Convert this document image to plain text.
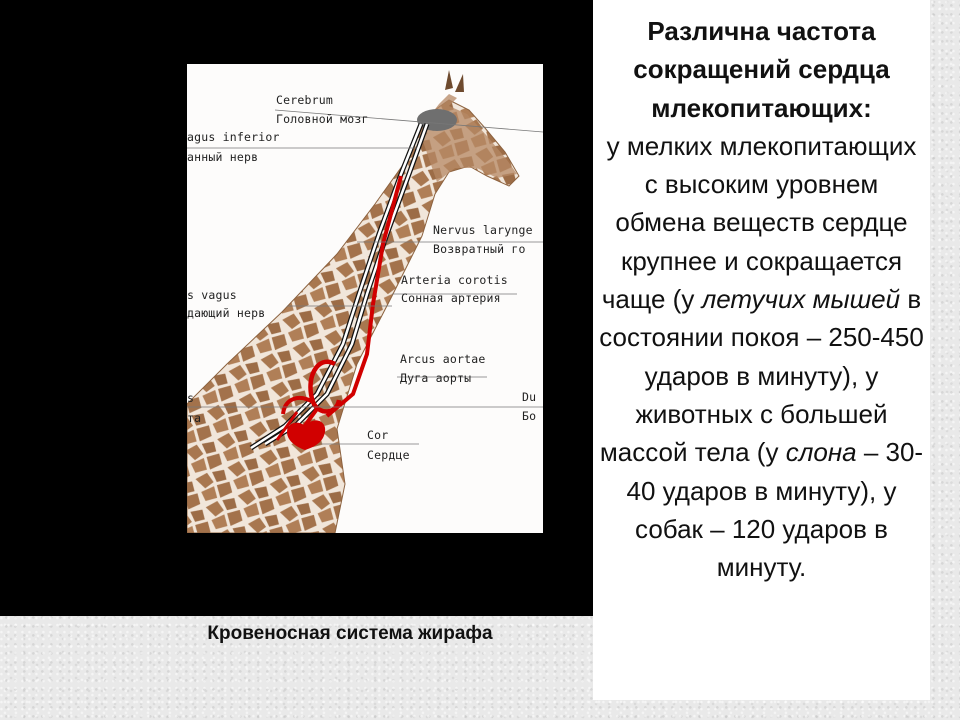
Cerebrum
Головной мозг
agus inferior
анный нерв
Nervus larynge
Возвратный го
Arteria corotis
Сонная артерия
s vagus
дающий нерв
Arcus aortae
Дуга аорты
s
та
Du
Бо
Cor
Сердце
Кровеносная система жирафа
Различна частота сокращений сердца млекопитающих:
у мелких млекопитающих с высоким уровнем обмена веществ сердце крупнее и сокращается чаще (у летучих мышей в состоянии покоя – 250-450 ударов в минуту), у животных с большей массой тела (у слона – 30-40 ударов в минуту), у собак – 120 ударов в минуту.
